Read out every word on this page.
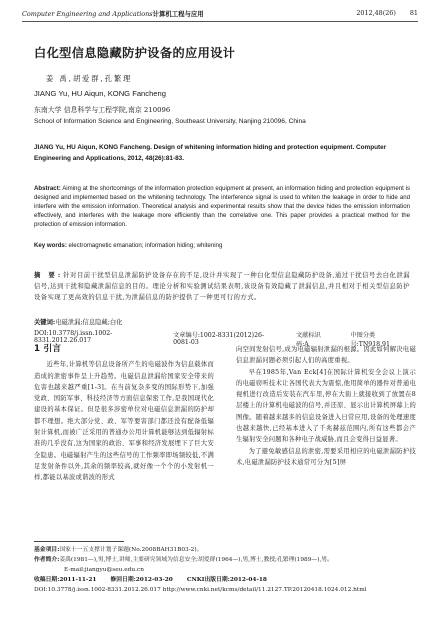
Computer Engineering and Applications计算机工程与应用	2012,48(26) 81
白化型信息隐藏防护设备的应用设计
姜 禹,胡爱群,孔繁理
JIANG Yu, HU Aiqun, KONG Fancheng
东南大学 信息科学与工程学院,南京 210096
School of Information Science and Engineering, Southeast University, Nanjing 210096, China
JIANG Yu, HU Aiqun, KONG Fancheng. Design of whitening information hiding and protection equipment. Computer Engineering and Applications, 2012, 48(26):81-83.
Abstract: Aiming at the shortcomings of the information protection equipment at present, an information hiding and protection equipment is designed and implemented based on the whitening technology. The interference signal is used to whiten the leakage in order to hide and interfere with the emission information. Theoretical analysis and experimental results show that the device hides the emission information effectively, and interferes with the leakage more efficiently than the correlative one. This paper provides a practical method for the protection of emission information.
Key words: electromagnetic emanation; information hiding; whitening
摘 要:针对目前干扰型信息泄漏防护设备存在的不足,设计并实现了一种白化型信息隐藏防护设备,通过干扰信号去白化泄漏信号,达到干扰和隐藏泄漏信息的目的。理论分析和实验测试结果表明,该设备有效隐藏了泄漏信息,并且相对于相关型信息防护设备实现了更高效的信息干扰,为泄漏信息的防护提供了一种更可行的方式。
关键词:电磁泄漏;信息隐藏;白化
DOI:10.3778/j.issn.1002-8331.2012.26.017
文章编号:1002-8331(2012)26-0081-03
文献标识码:A
中图分类号:TN918.91
1 引言

近些年,计算机等信息设备所产生的电磁波作为信息载体而造成的泄密事件呈上升趋势。电磁信息泄漏给国家安全带来的危害也越来越严重[1-3]。在当前复杂多变的国际形势下,加强党政、国防军事、科技经济等方面信息保密工作,是我国现代化建设的基本保证。但是很多涉密单位对电磁信息泄漏的防护却都不理想。绝大部分党、政、军等要害部门都还没有配备低辐射计算机,而被广泛采用的普通办公用计算机能够达到低辐射标准的几乎没有,这为国家的政治、军事和经济发展埋下了巨大安全隐患。电磁辐射产生的这些信号的工作频率即场频较低,不满足发射条件以外,其余的频率较高,就好像一个个的小发射机一样,都能以基波或谐波的形式

向空间发射信号,成为电磁辐射泄漏的根源。因此如何解决电磁信息泄漏问题必须引起人们的高度重视。

早在1985年,Van Eck[4]在国际计算机安全会议上演示的电磁窃听技术让各国代表大为震惊,他用简单的器件对普通电视机进行改造后安装在汽车里,停在大街上就接收到了放置在8层楼上的计算机电磁波的信号,并还原、显示出计算机屏幕上的图像。随着越来越多的信息设备进入日常应用,设备的处理速度也越来越快,已经基本进入了千兆赫兹范围内,所有这些都会产生辐射安全问题和各种电子战威胁,而且会变得日益显著。

为了避免敏感信息的泄密,需要采用相应的电磁泄漏防护技术,电磁泄漏防护技术通常可分为[5]屏

基金项目:国家十一五支撑计划子课题(No.2008BAH31B03-2)。
作者简介:姜禹(1981—),男,博士,讲师,主要研究领域为信息安全;胡爱群(1964—),男,博士,教授;孔繁理(1989—),男。
E-mail:jiangyu@seu.edu.cn
收稿日期:2011-11-21 修回日期:2012-03-20 CNKI出版日期:2012-04-18
DOI:10.3778/j.issn.1002-8331.2012.26.017 http://www.cnki.net/kcms/detail/11.2127.TP.20120418.1024.012.html
